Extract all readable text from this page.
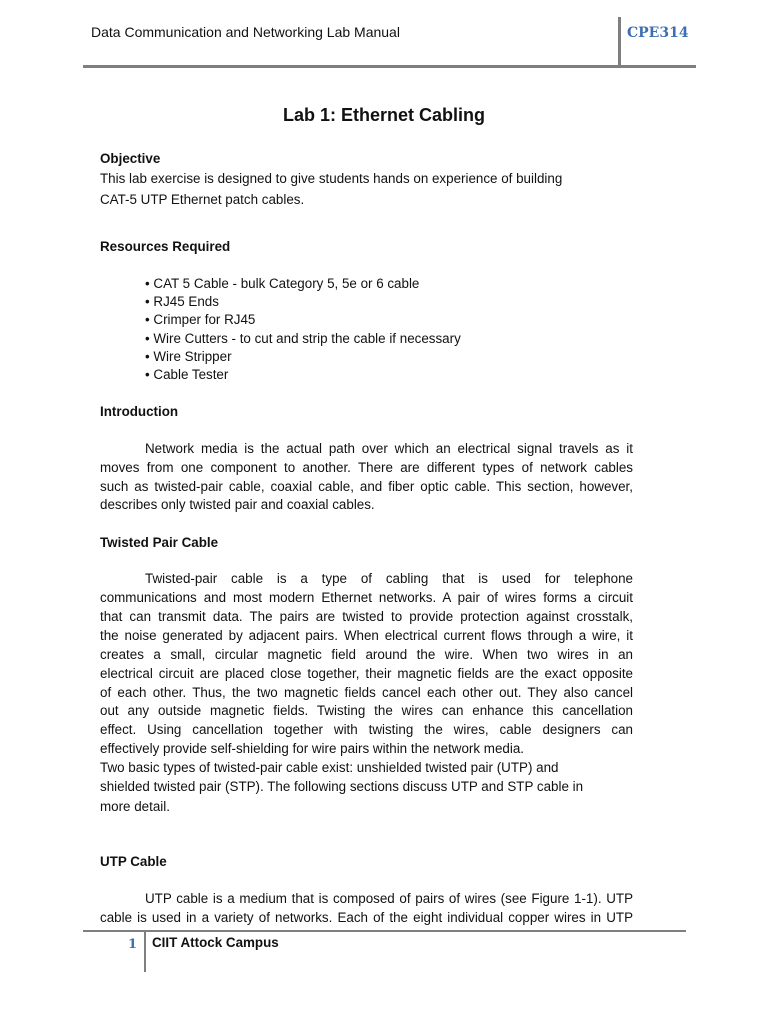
Data Communication and Networking Lab Manual	CPE314
Lab 1: Ethernet Cabling
Objective
This lab exercise is designed to give students hands on experience of building
CAT-5 UTP Ethernet patch cables.
Resources Required
• CAT 5 Cable - bulk Category 5, 5e or 6 cable
• RJ45 Ends
• Crimper for RJ45
• Wire Cutters - to cut and strip the cable if necessary
• Wire Stripper
• Cable Tester
Introduction
Network media is the actual path over which an electrical signal travels as it
moves from one component to another. There are different types of network cables
such as twisted-pair cable, coaxial cable, and fiber optic cable. This section, however,
describes only twisted pair and coaxial cables.
Twisted Pair Cable
Twisted-pair cable is a type of cabling that is used for telephone
communications and most modern Ethernet networks. A pair of wires forms a circuit
that can transmit data. The pairs are twisted to provide protection against crosstalk,
the noise generated by adjacent pairs. When electrical current flows through a wire, it
creates a small, circular magnetic field around the wire. When two wires in an
electrical circuit are placed close together, their magnetic fields are the exact opposite
of each other. Thus, the two magnetic fields cancel each other out. They also cancel
out any outside magnetic fields. Twisting the wires can enhance this cancellation
effect. Using cancellation together with twisting the wires, cable designers can
effectively provide self-shielding for wire pairs within the network media.
Two basic types of twisted-pair cable exist: unshielded twisted pair (UTP) and
shielded twisted pair (STP). The following sections discuss UTP and STP cable in
more detail.
UTP Cable
UTP cable is a medium that is composed of pairs of wires (see Figure 1-1). UTP
cable is used in a variety of networks. Each of the eight individual copper wires in UTP
1 CIIT Attock Campus
